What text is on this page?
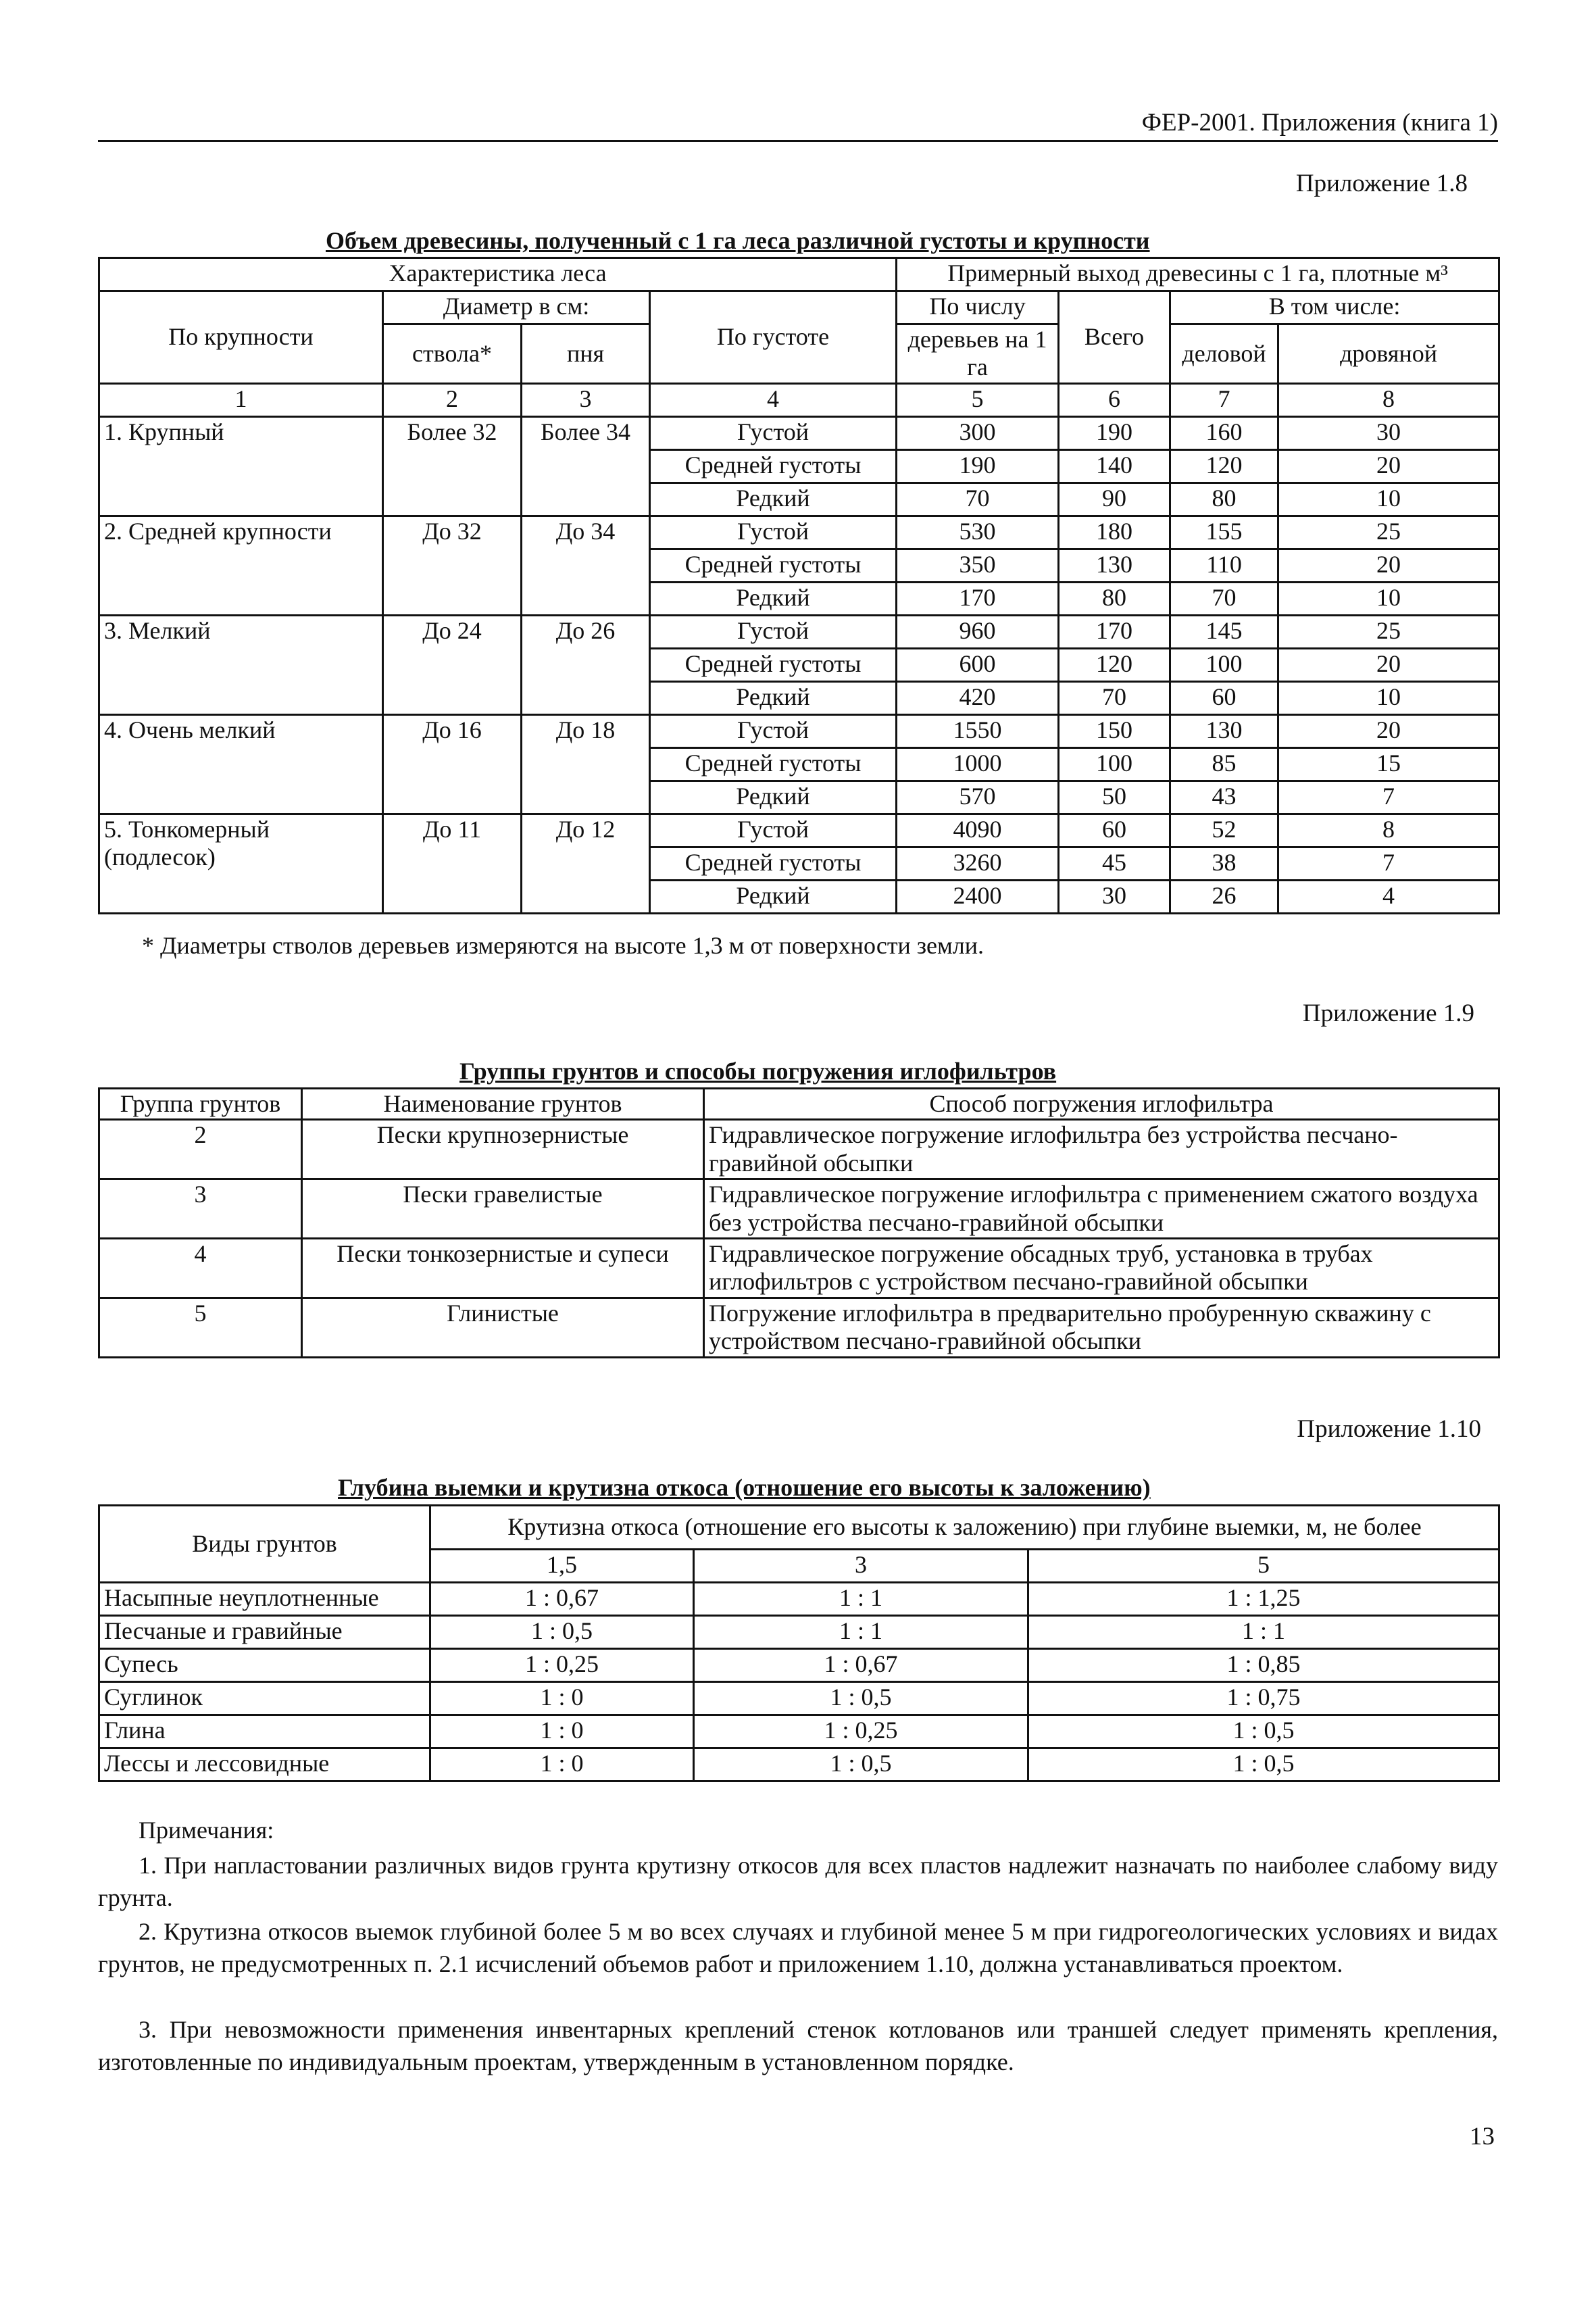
ФЕР-2001. Приложения (книга 1)
Приложение 1.8
Объем древесины, полученный с 1 га леса различной густоты и крупности
Характеристика леса				Примерный выход древесины с 1 га, плотные м³			
По крупности	Диаметр в см:		По густоте	По числу	Всего	В том числе:	
	ствола*	пня		деревьев на 1 га		деловой	дровяной
1	2	3	4	5	6	7	8
1. Крупный	Более 32	Более 34	Густой	300	190	160	30
			Средней густоты	190	140	120	20
			Редкий	70	90	80	10
2. Средней крупности	До 32	До 34	Густой	530	180	155	25
			Средней густоты	350	130	110	20
			Редкий	170	80	70	10
3. Мелкий	До 24	До 26	Густой	960	170	145	25
			Средней густоты	600	120	100	20
			Редкий	420	70	60	10
4. Очень мелкий	До 16	До 18	Густой	1550	150	130	20
			Средней густоты	1000	100	85	15
			Редкий	570	50	43	7
5. Тонкомерный (подлесок)	До 11	До 12	Густой	4090	60	52	8
			Средней густоты	3260	45	38	7
			Редкий	2400	30	26	4
* Диаметры стволов деревьев измеряются на высоте 1,3 м от поверхности земли.
Приложение 1.9
Группы грунтов и способы погружения иглофильтров
Группа грунтов	Наименование грунтов	Способ погружения иглофильтра
2	Пески крупнозернистые	Гидравлическое погружение иглофильтра без устройства песчано-гравийной обсыпки
3	Пески гравелистые	Гидравлическое погружение иглофильтра с применением сжатого воздуха без устройства песчано-гравийной обсыпки
4	Пески тонкозернистые и супеси	Гидравлическое погружение обсадных труб, установка в трубах иглофильтров с устройством песчано-гравийной обсыпки
5	Глинистые	Погружение иглофильтра в предварительно пробуренную скважину с устройством песчано-гравийной обсыпки
Приложение 1.10
Глубина выемки и крутизна откоса (отношение его высоты к заложению)
Виды грунтов	Крутизна откоса (отношение его высоты к заложению) при глубине выемки, м, не более		
	1,5	3	5
Насыпные неуплотненные	1 : 0,67	1 : 1	1 : 1,25
Песчаные и гравийные	1 : 0,5	1 : 1	1 : 1
Супесь	1 : 0,25	1 : 0,67	1 : 0,85
Суглинок	1 : 0	1 : 0,5	1 : 0,75
Глина	1 : 0	1 : 0,25	1 : 0,5
Лессы и лессовидные	1 : 0	1 : 0,5	1 : 0,5
Примечания:
1. При напластовании различных видов грунта крутизну откосов для всех пластов надлежит назначать по наиболее слабому виду грунта.
2. Крутизна откосов выемок глубиной более 5 м во всех случаях и глубиной менее 5 м при гидрогеологических условиях и видах грунтов, не предусмотренных п. 2.1 исчислений объемов работ и приложением 1.10, должна устанавливаться проектом.
3. При невозможности применения инвентарных креплений стенок котлованов или траншей следует применять крепления, изготовленные по индивидуальным проектам, утвержденным в установленном порядке.
13
